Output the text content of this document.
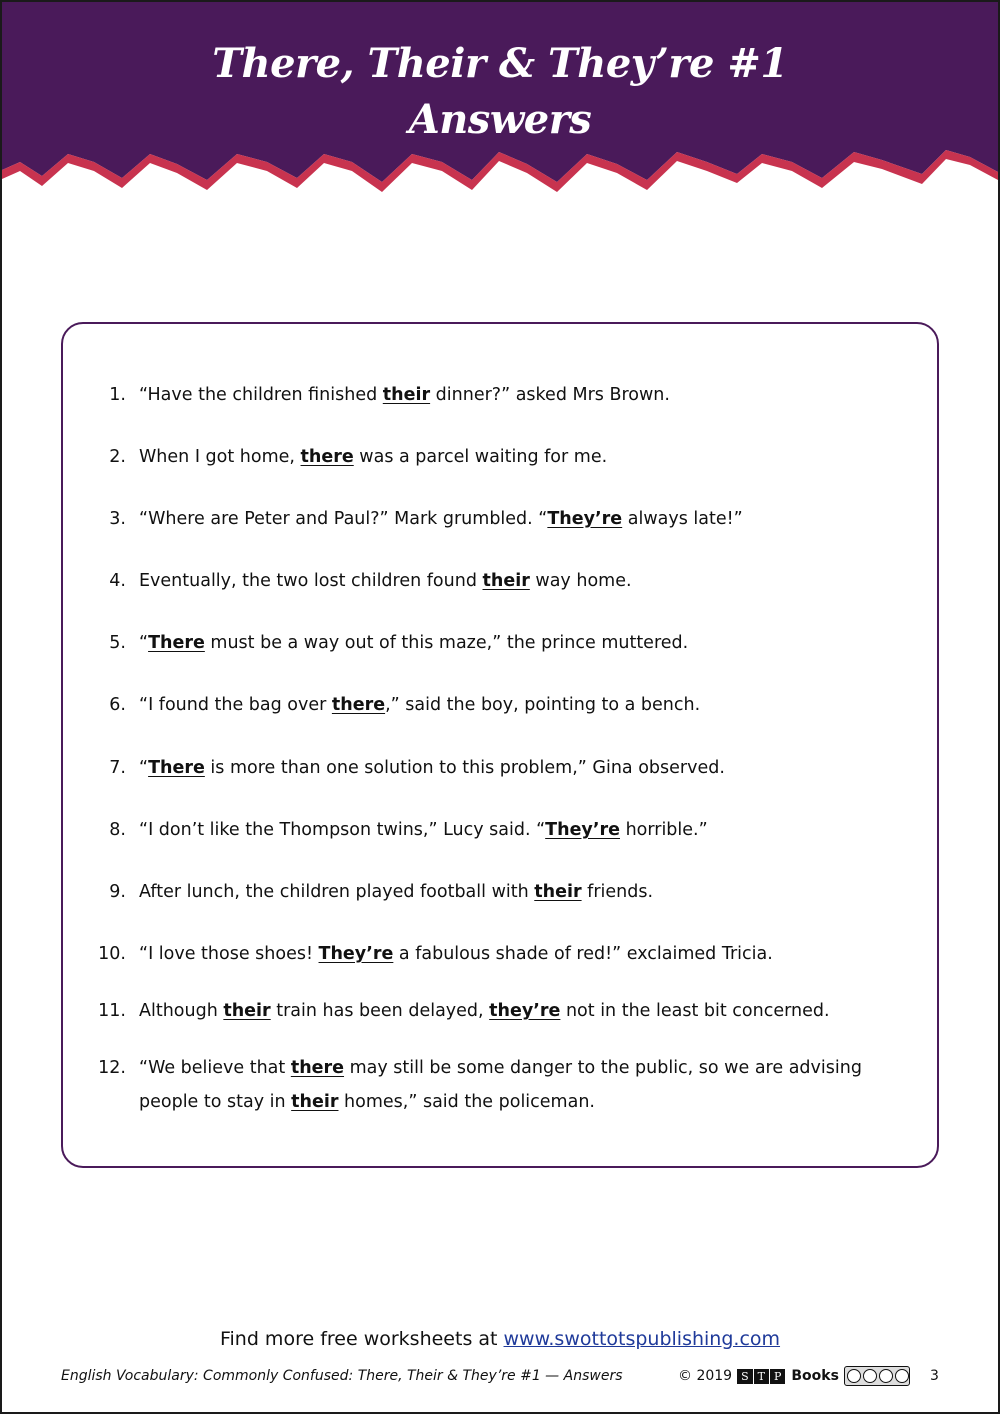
There, Their & They’re #1
Answers
1. “Have the children finished their dinner?” asked Mrs Brown.
2. When I got home, there was a parcel waiting for me.
3. “Where are Peter and Paul?” Mark grumbled. “They’re always late!”
4. Eventually, the two lost children found their way home.
5. “There must be a way out of this maze,” the prince muttered.
6. “I found the bag over there,” said the boy, pointing to a bench.
7. “There is more than one solution to this problem,” Gina observed.
8. “I don’t like the Thompson twins,” Lucy said. “They’re horrible.”
9. After lunch, the children played football with their friends.
10. “I love those shoes! They’re a fabulous shade of red!” exclaimed Tricia.
11. Although their train has been delayed, they’re not in the least bit concerned.
12. “We believe that there may still be some danger to the public, so we are advising people to stay in their homes,” said the policeman.
Find more free worksheets at www.swottotspublishing.com
English Vocabulary: Commonly Confused: There, Their & They’re #1 — Answers	© 2019 S T P Books	3
